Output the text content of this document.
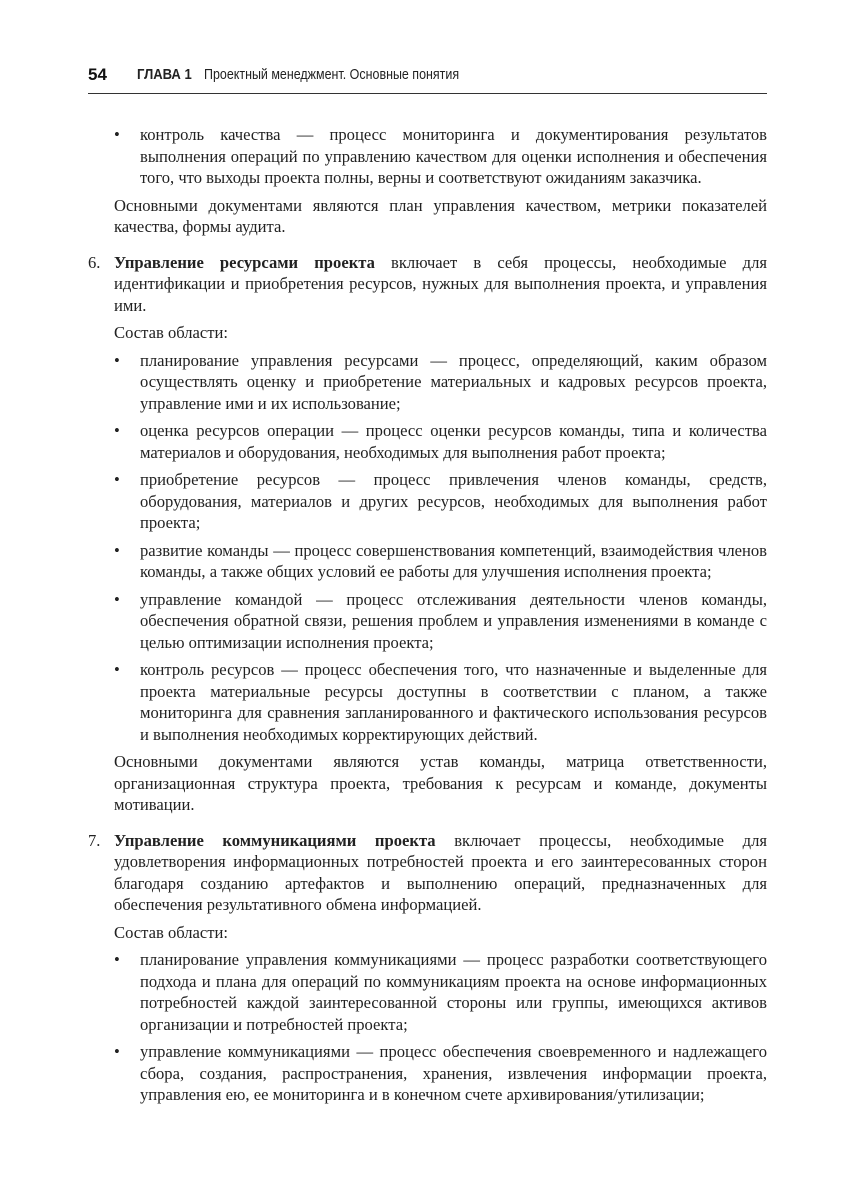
54 ГЛАВА 1 Проектный менеджмент. Основные понятия
• контроль качества — процесс мониторинга и документирования результатов выполнения операций по управлению качеством для оценки исполнения и обеспечения того, что выходы проекта полны, верны и соответствуют ожиданиям заказчика.

Основными документами являются план управления качеством, метрики показателей качества, формы аудита.

6. Управление ресурсами проекта включает в себя процессы, необходимые для идентификации и приобретения ресурсов, нужных для выполнения проекта, и управления ими.

Состав области:

• планирование управления ресурсами — процесс, определяющий, каким образом осуществлять оценку и приобретение материальных и кадровых ресурсов проекта, управление ими и их использование;
• оценка ресурсов операции — процесс оценки ресурсов команды, типа и количества материалов и оборудования, необходимых для выполнения работ проекта;
• приобретение ресурсов — процесс привлечения членов команды, средств, оборудования, материалов и других ресурсов, необходимых для выполнения работ проекта;
• развитие команды — процесс совершенствования компетенций, взаимодействия членов команды, а также общих условий ее работы для улучшения исполнения проекта;
• управление командой — процесс отслеживания деятельности членов команды, обеспечения обратной связи, решения проблем и управления изменениями в команде с целью оптимизации исполнения проекта;
• контроль ресурсов — процесс обеспечения того, что назначенные и выделенные для проекта материальные ресурсы доступны в соответствии с планом, а также мониторинга для сравнения запланированного и фактического использования ресурсов и выполнения необходимых корректирующих действий.

Основными документами являются устав команды, матрица ответственности, организационная структура проекта, требования к ресурсам и команде, документы мотивации.

7. Управление коммуникациями проекта включает процессы, необходимые для удовлетворения информационных потребностей проекта и его заинтересованных сторон благодаря созданию артефактов и выполнению операций, предназначенных для обеспечения результативного обмена информацией.

Состав области:

• планирование управления коммуникациями — процесс разработки соответствующего подхода и плана для операций по коммуникациям проекта на основе информационных потребностей каждой заинтересованной стороны или группы, имеющихся активов организации и потребностей проекта;
• управление коммуникациями — процесс обеспечения своевременного и надлежащего сбора, создания, распространения, хранения, извлечения информации проекта, управления ею, ее мониторинга и в конечном счете архивирования/утилизации;
